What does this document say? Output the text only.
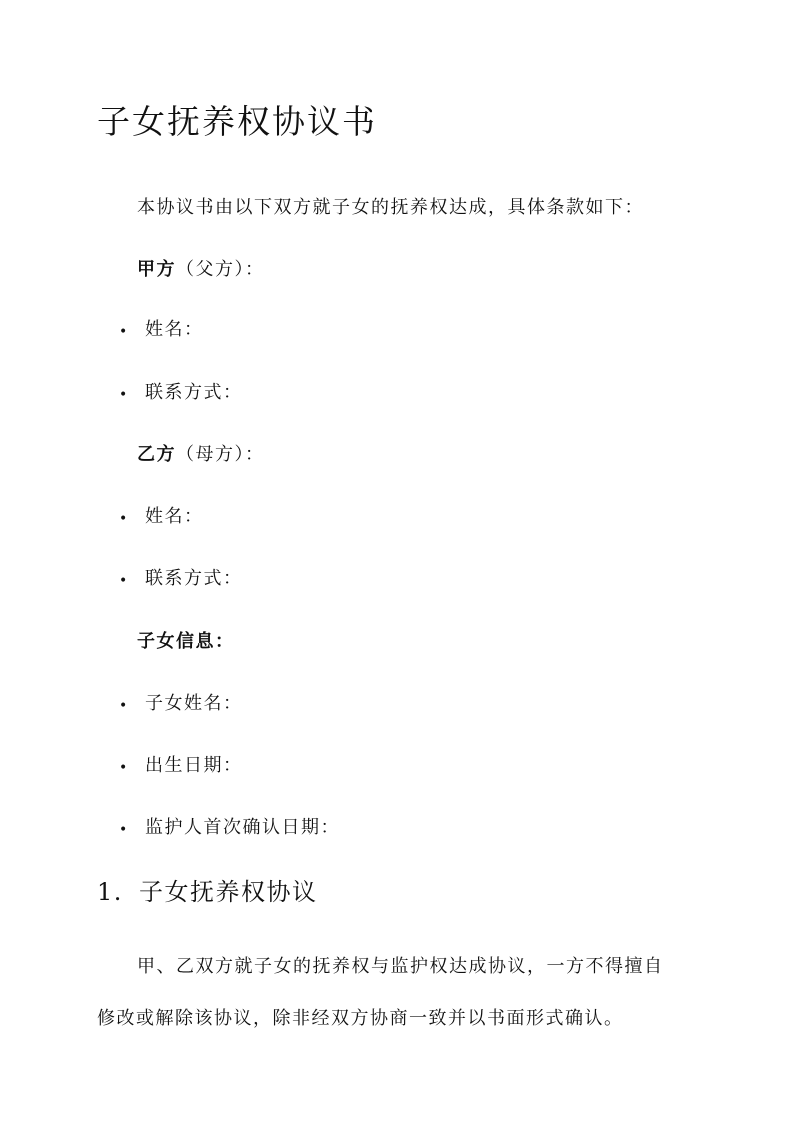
子女抚养权协议书
本协议书由以下双方就子女的抚养权达成，具体条款如下：
甲方（父方）：
• 姓名：
• 联系方式：
乙方（母方）：
• 姓名：
• 联系方式：
子女信息：
• 子女姓名：
• 出生日期：
• 监护人首次确认日期：
1. 子女抚养权协议
甲、乙双方就子女的抚养权与监护权达成协议，一方不得擅自
修改或解除该协议，除非经双方协商一致并以书面形式确认。
